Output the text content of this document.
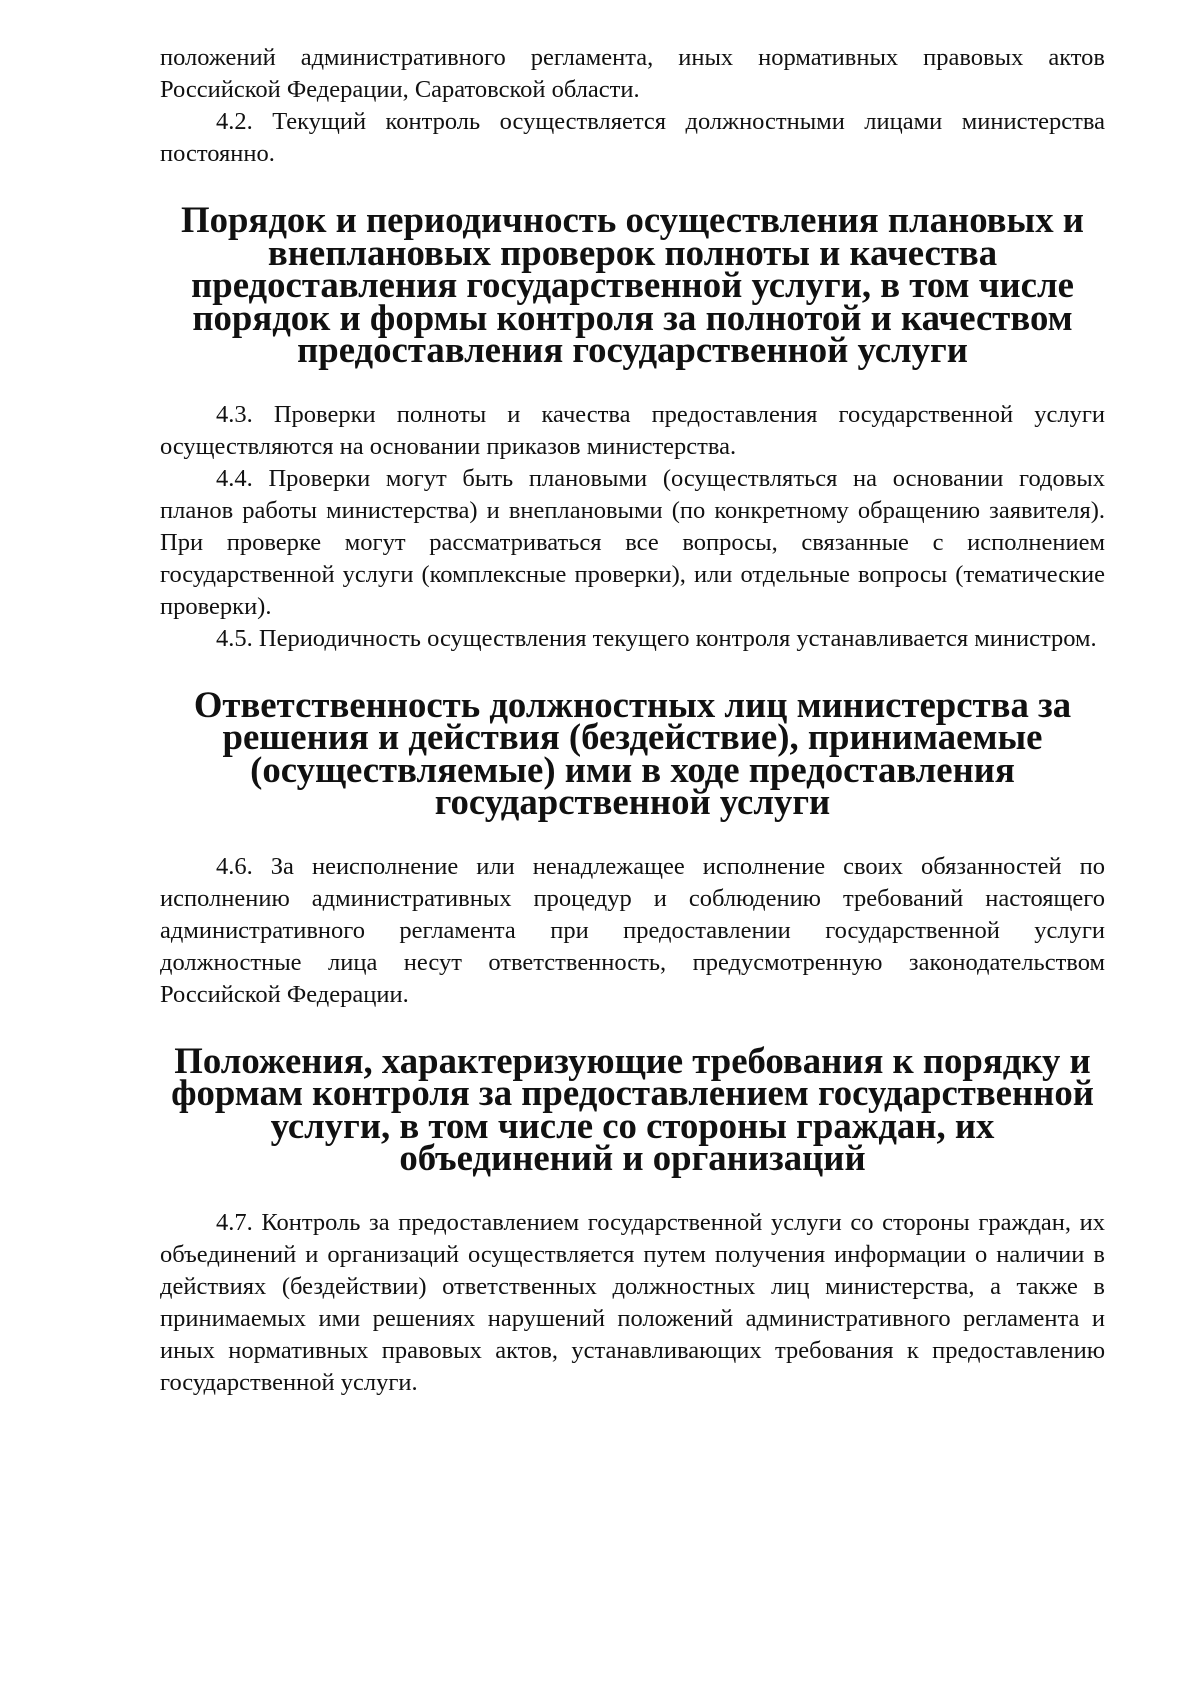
положений административного регламента, иных нормативных правовых актов Российской Федерации, Саратовской области.

4.2. Текущий контроль осуществляется должностными лицами министерства постоянно.

Порядок и периодичность осуществления плановых и внеплановых проверок полноты и качества предоставления государственной услуги, в том числе порядок и формы контроля за полнотой и качеством предоставления государственной услуги

4.3. Проверки полноты и качества предоставления государственной услуги осуществляются на основании приказов министерства.

4.4. Проверки могут быть плановыми (осуществляться на основании годовых планов работы министерства) и внеплановыми (по конкретному обращению заявителя). При проверке могут рассматриваться все вопросы, связанные с исполнением государственной услуги (комплексные проверки), или отдельные вопросы (тематические проверки).

4.5. Периодичность осуществления текущего контроля устанавливается министром.

Ответственность должностных лиц министерства за решения и действия (бездействие), принимаемые (осуществляемые) ими в ходе предоставления государственной услуги

4.6. За неисполнение или ненадлежащее исполнение своих обязанностей по исполнению административных процедур и соблюдению требований настоящего административного регламента при предоставлении государственной услуги должностные лица несут ответственность, предусмотренную законодательством Российской Федерации.

Положения, характеризующие требования к порядку и формам контроля за предоставлением государственной услуги, в том числе со стороны граждан, их объединений и организаций

4.7. Контроль за предоставлением государственной услуги со стороны граждан, их объединений и организаций осуществляется путем получения информации о наличии в действиях (бездействии) ответственных должностных лиц министерства, а также в принимаемых ими решениях нарушений положений административного регламента и иных нормативных правовых актов, устанавливающих требования к предоставлению государственной услуги.
